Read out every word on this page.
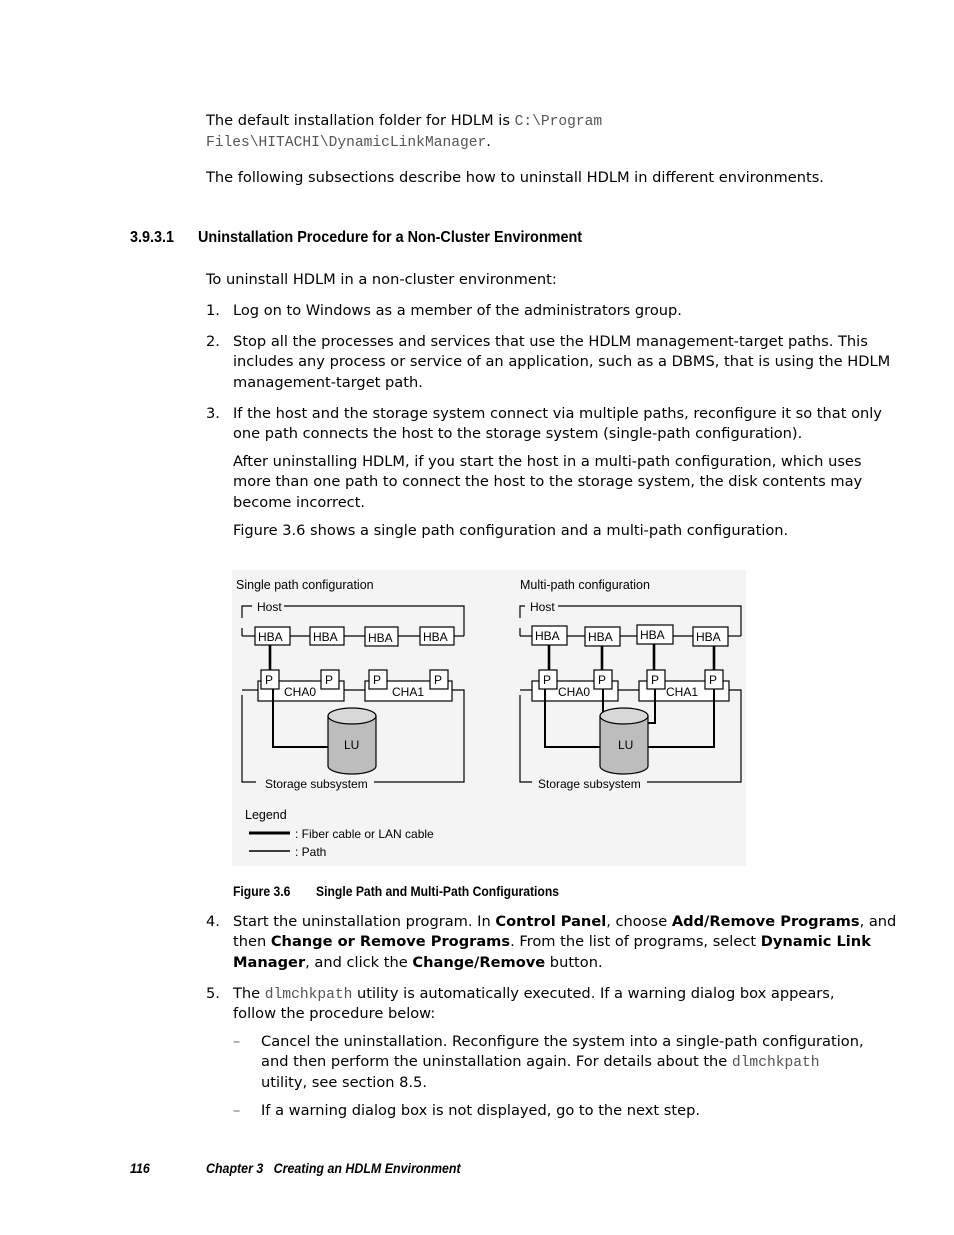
The default installation folder for HDLM is C:\Program
Files\HITACHI\DynamicLinkManager.
The following subsections describe how to uninstall HDLM in different environments.
3.9.3.1 Uninstallation Procedure for a Non-Cluster Environment
To uninstall HDLM in a non-cluster environment:
1. Log on to Windows as a member of the administrators group.
2. Stop all the processes and services that use the HDLM management-target paths. This
includes any process or service of an application, such as a DBMS, that is using the HDLM
management-target path.
3. If the host and the storage system connect via multiple paths, reconfigure it so that only
one path connects the host to the storage system (single-path configuration).
After uninstalling HDLM, if you start the host in a multi-path configuration, which uses
more than one path to connect the host to the storage system, the disk contents may
become incorrect.
Figure 3.6 shows a single path configuration and a multi-path configuration.
Single path configuration
Host
HBA	HBA	HBA	HBA
Storage subsystem
CHA0	CHA1
P	P	P	P
LU
Multi-path configuration
Host
HBA HBA HBA	HBA
Storage subsystem
CHA0	CHA1
P	P	P	P
LU
Legend
: Fiber cable or LAN cable
: Path
Figure 3.6 Single Path and Multi-Path Configurations
4. Start the uninstallation program. In Control Panel, choose Add/Remove Programs, and
then Change or Remove Programs. From the list of programs, select Dynamic Link
Manager, and click the Change/Remove button.
5. The dlmchkpath utility is automatically executed. If a warning dialog box appears,
follow the procedure below:
– Cancel the uninstallation. Reconfigure the system into a single-path configuration,
and then perform the uninstallation again. For details about the dlmchkpath
utility, see section 8.5.
– If a warning dialog box is not displayed, go to the next step.
116	Chapter 3   Creating an HDLM Environment
